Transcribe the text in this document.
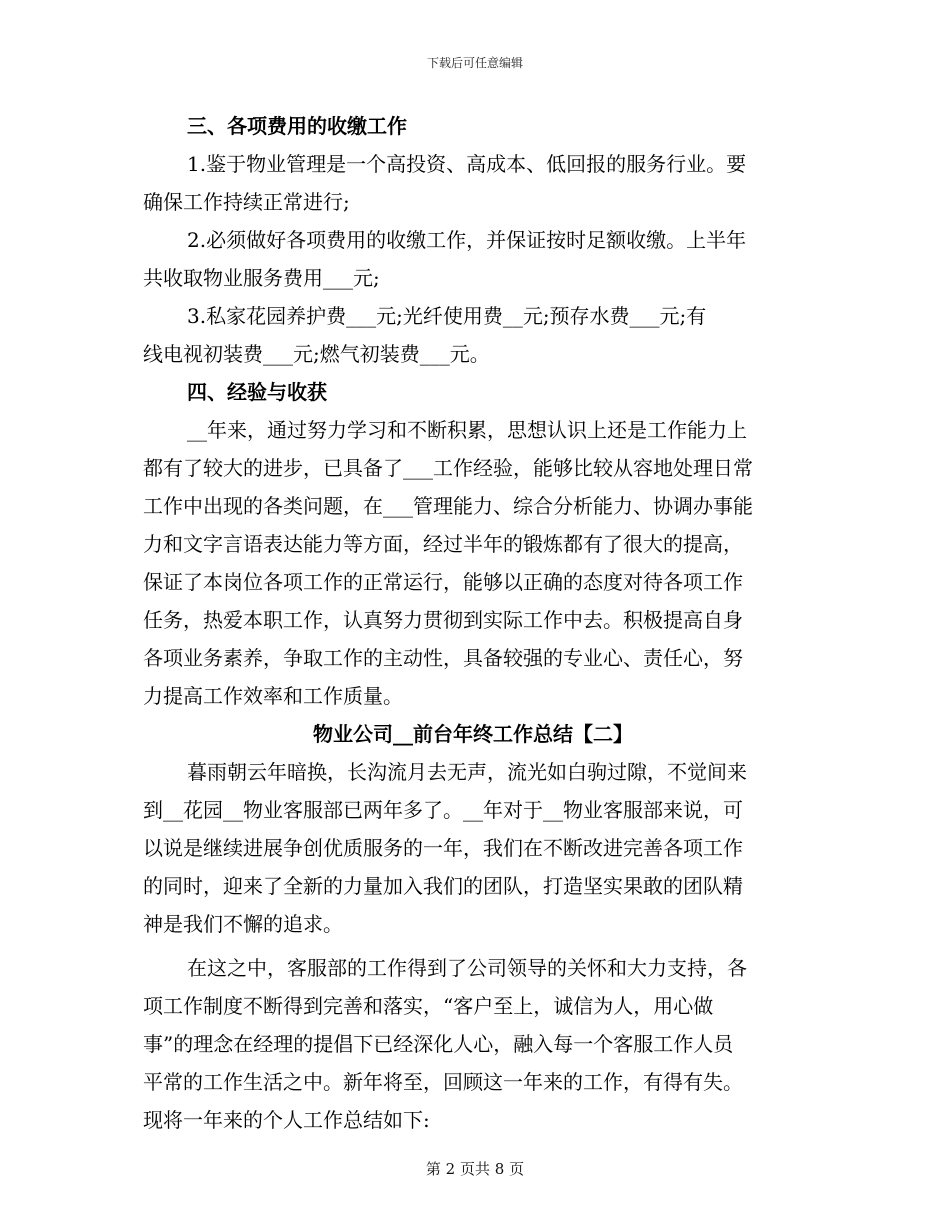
下载后可任意编辑
三、各项费用的收缴工作
1.鉴于物业管理是一个高投资、高成本、低回报的服务行业。要
确保工作持续正常进行;
2.必须做好各项费用的收缴工作，并保证按时足额收缴。上半年
共收取物业服务费用___元;
3.私家花园养护费___元;光纤使用费__元;预存水费___元;有
线电视初装费___元;燃气初装费___元。
四、经验与收获
__年来，通过努力学习和不断积累，思想认识上还是工作能力上
都有了较大的进步，已具备了___工作经验，能够比较从容地处理日常
工作中出现的各类问题，在___管理能力、综合分析能力、协调办事能
力和文字言语表达能力等方面，经过半年的锻炼都有了很大的提高，
保证了本岗位各项工作的正常运行，能够以正确的态度对待各项工作
任务，热爱本职工作，认真努力贯彻到实际工作中去。积极提高自身
各项业务素养，争取工作的主动性，具备较强的专业心、责任心，努
力提高工作效率和工作质量。
物业公司__前台年终工作总结【二】
暮雨朝云年暗换，长沟流月去无声，流光如白驹过隙，不觉间来
到__花园__物业客服部已两年多了。__年对于__物业客服部来说，可
以说是继续进展争创优质服务的一年，我们在不断改进完善各项工作
的同时，迎来了全新的力量加入我们的团队，打造坚实果敢的团队精
神是我们不懈的追求。
在这之中，客服部的工作得到了公司领导的关怀和大力支持，各
项工作制度不断得到完善和落实，“客户至上，诚信为人，用心做
事”的理念在经理的提倡下已经深化人心，融入每一个客服工作人员
平常的工作生活之中。新年将至，回顾这一年来的工作，有得有失。
现将一年来的个人工作总结如下:
第 2 页共 8 页
